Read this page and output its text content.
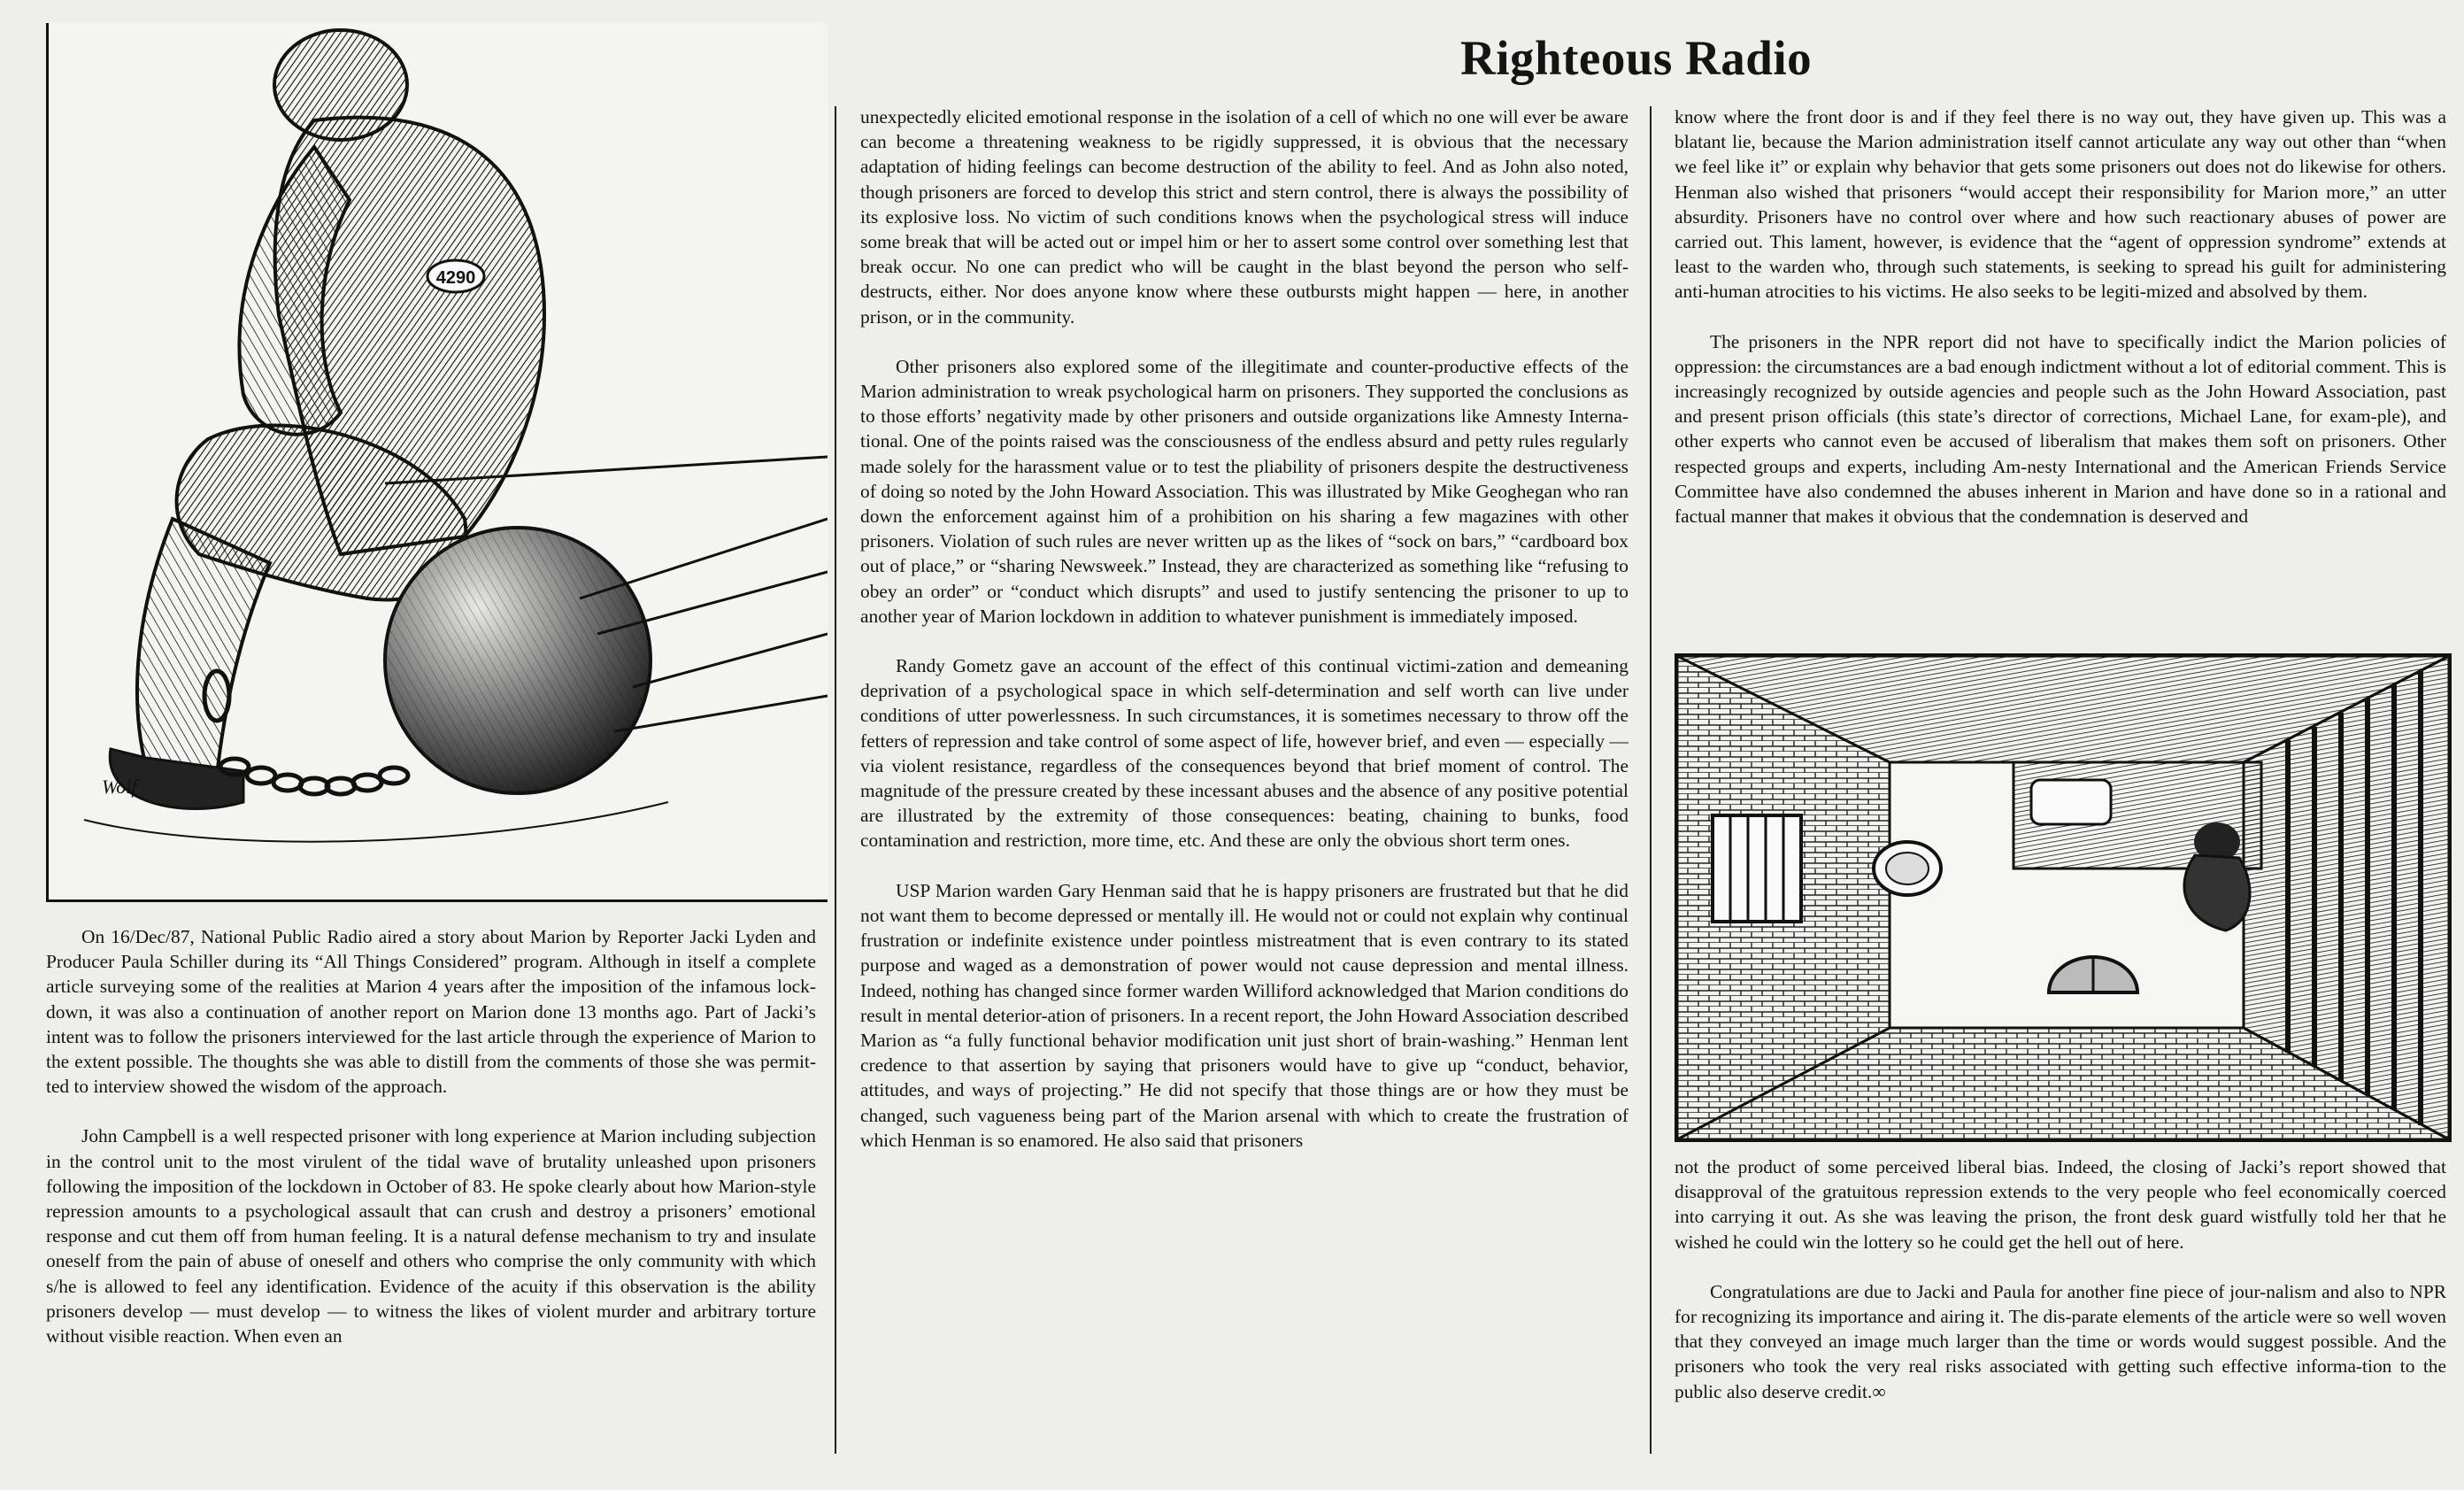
Righteous Radio
4290
Wolf

On 16/Dec/87, National Public Radio aired a story about Marion by Reporter Jacki Lyden and Producer Paula Schiller during its “All Things Considered” program. Although in itself a complete article surveying some of the realities at Marion 4 years after the imposition of the infamous lock-down, it was also a continuation of another report on Marion done 13 months ago. Part of Jacki’s intent was to follow the prisoners interviewed for the last article through the experience of Marion to the extent possible. The thoughts she was able to distill from the comments of those she was permit-ted to interview showed the wisdom of the approach.

John Campbell is a well respected prisoner with long experience at Marion including subjection in the control unit to the most virulent of the tidal wave of brutality unleashed upon prisoners following the imposition of the lockdown in October of 83. He spoke clearly about how Marion-style repression amounts to a psychological assault that can crush and destroy a prisoners’ emotional response and cut them off from human feeling. It is a natural defense mechanism to try and insulate oneself from the pain of abuse of oneself and others who comprise the only community with which s/he is allowed to feel any identification. Evidence of the acuity if this observation is the ability prisoners develop — must develop — to witness the likes of violent murder and arbitrary torture without visible reaction. When even an

unexpectedly elicited emotional response in the isolation of a cell of which no one will ever be aware can become a threatening weakness to be rigidly suppressed, it is obvious that the necessary adaptation of hiding feelings can become destruction of the ability to feel. And as John also noted, though prisoners are forced to develop this strict and stern control, there is always the possibility of its explosive loss. No victim of such conditions knows when the psychological stress will induce some break that will be acted out or impel him or her to assert some control over something lest that break occur. No one can predict who will be caught in the blast beyond the person who self-destructs, either. Nor does anyone know where these outbursts might happen — here, in another prison, or in the community.

Other prisoners also explored some of the illegitimate and counter-productive effects of the Marion administration to wreak psychological harm on prisoners. They supported the conclusions as to those efforts’ negativity made by other prisoners and outside organizations like Amnesty Interna-tional. One of the points raised was the consciousness of the endless absurd and petty rules regularly made solely for the harassment value or to test the pliability of prisoners despite the destructiveness of doing so noted by the John Howard Association. This was illustrated by Mike Geoghegan who ran down the enforcement against him of a prohibition on his sharing a few magazines with other prisoners. Violation of such rules are never written up as the likes of “sock on bars,” “cardboard box out of place,” or “sharing Newsweek.” Instead, they are characterized as something like “refusing to obey an order” or “conduct which disrupts” and used to justify sentencing the prisoner to up to another year of Marion lockdown in addition to whatever punishment is immediately imposed.

Randy Gometz gave an account of the effect of this continual victimi-zation and demeaning deprivation of a psychological space in which self-determination and self worth can live under conditions of utter powerlessness. In such circumstances, it is sometimes necessary to throw off the fetters of repression and take control of some aspect of life, however brief, and even — especially — via violent resistance, regardless of the consequences beyond that brief moment of control. The magnitude of the pressure created by these incessant abuses and the absence of any positive potential are illustrated by the extremity of those consequences: beating, chaining to bunks, food contamination and restriction, more time, etc. And these are only the obvious short term ones.

USP Marion warden Gary Henman said that he is happy prisoners are frustrated but that he did not want them to become depressed or mentally ill. He would not or could not explain why continual frustration or indefinite existence under pointless mistreatment that is even contrary to its stated purpose and waged as a demonstration of power would not cause depression and mental illness. Indeed, nothing has changed since former warden Williford acknowledged that Marion conditions do result in mental deterior-ation of prisoners. In a recent report, the John Howard Association described Marion as “a fully functional behavior modification unit just short of brain-washing.” Henman lent credence to that assertion by saying that prisoners would have to give up “conduct, behavior, attitudes, and ways of projecting.” He did not specify that those things are or how they must be changed, such vagueness being part of the Marion arsenal with which to create the frustration of which Henman is so enamored. He also said that prisoners

know where the front door is and if they feel there is no way out, they have given up. This was a blatant lie, because the Marion administration itself cannot articulate any way out other than “when we feel like it” or explain why behavior that gets some prisoners out does not do likewise for others. Henman also wished that prisoners “would accept their responsibility for Marion more,” an utter absurdity. Prisoners have no control over where and how such reactionary abuses of power are carried out. This lament, however, is evidence that the “agent of oppression syndrome” extends at least to the warden who, through such statements, is seeking to spread his guilt for administering anti-human atrocities to his victims. He also seeks to be legiti-mized and absolved by them.

The prisoners in the NPR report did not have to specifically indict the Marion policies of oppression: the circumstances are a bad enough indictment without a lot of editorial comment. This is increasingly recognized by outside agencies and people such as the John Howard Association, past and present prison officials (this state’s director of corrections, Michael Lane, for exam-ple), and other experts who cannot even be accused of liberalism that makes them soft on prisoners. Other respected groups and experts, including Am-nesty International and the American Friends Service Committee have also condemned the abuses inherent in Marion and have done so in a rational and factual manner that makes it obvious that the condemnation is deserved and

not the product of some perceived liberal bias. Indeed, the closing of Jacki’s report showed that disapproval of the gratuitous repression extends to the very people who feel economically coerced into carrying it out. As she was leaving the prison, the front desk guard wistfully told her that he wished he could win the lottery so he could get the hell out of here.

Congratulations are due to Jacki and Paula for another fine piece of jour-nalism and also to NPR for recognizing its importance and airing it. The dis-parate elements of the article were so well woven that they conveyed an image much larger than the time or words would suggest possible. And the prisoners who took the very real risks associated with getting such effective informa-tion to the public also deserve credit.∞
